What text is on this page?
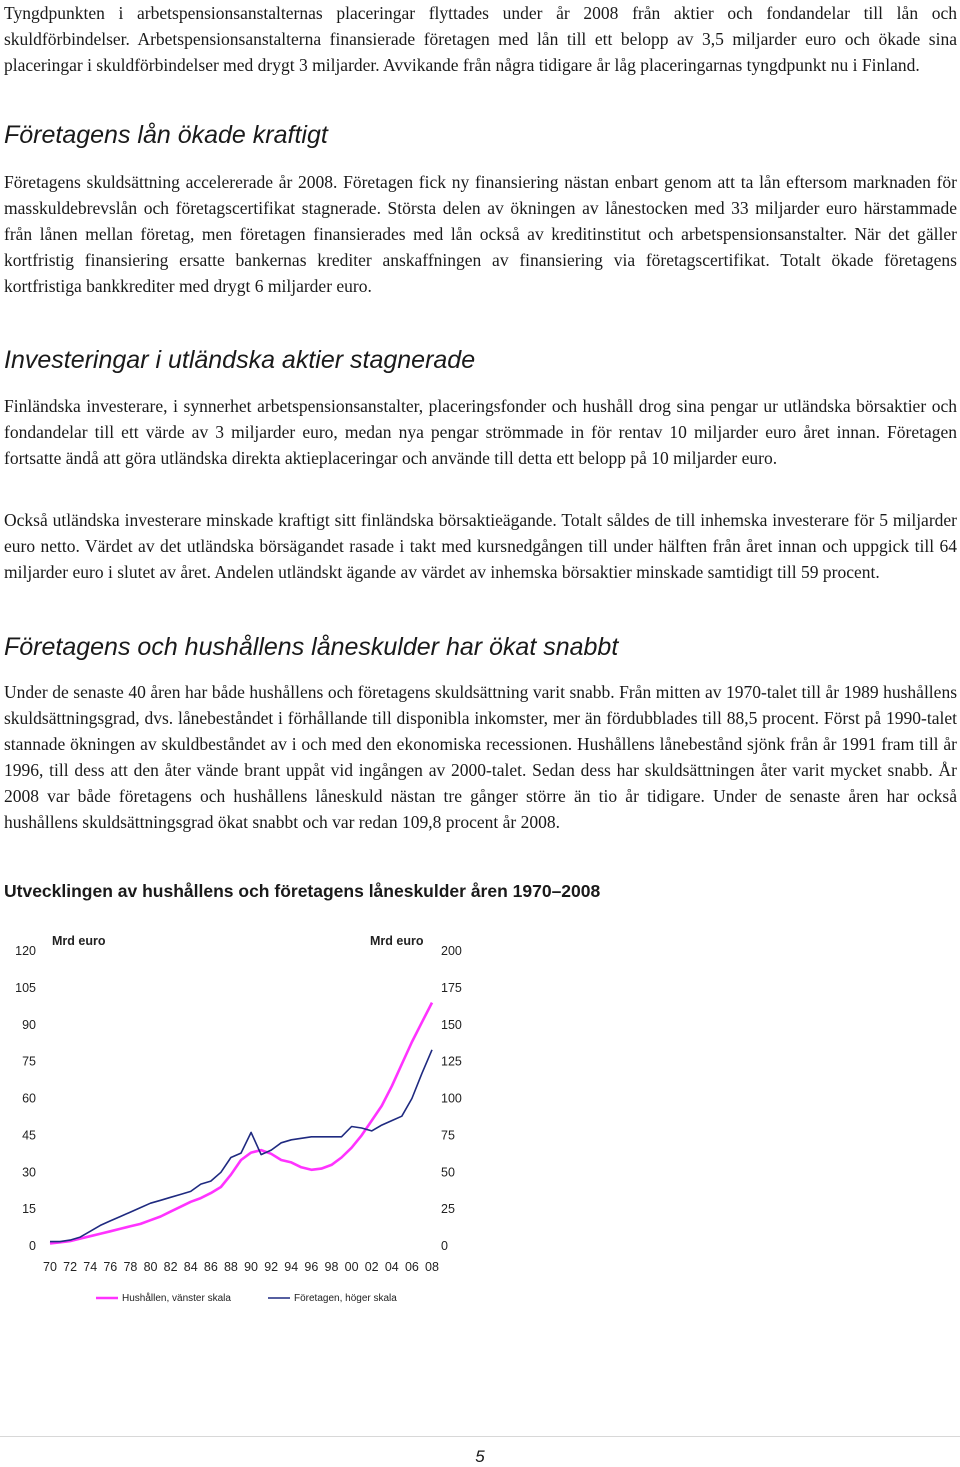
Tyngdpunkten i arbetspensionsanstalternas placeringar flyttades under år 2008 från aktier och fondandelar till lån och skuldförbindelser. Arbetspensionsanstalterna finansierade företagen med lån till ett belopp av 3,5 miljarder euro och ökade sina placeringar i skuldförbindelser med drygt 3 miljarder. Avvikande från några tidigare år låg placeringarnas tyngdpunkt nu i Finland.

Företagens lån ökade kraftigt

Företagens skuldsättning accelererade år 2008. Företagen fick ny finansiering nästan enbart genom att ta lån eftersom marknaden för masskuldebrevslån och företagscertifikat stagnerade. Största delen av ökningen av lånestocken med 33 miljarder euro härstammade från lånen mellan företag, men företagen finansierades med lån också av kreditinstitut och arbetspensionsanstalter. När det gäller kortfristig finansiering ersatte bankernas krediter anskaffningen av finansiering via företagscertifikat. Totalt ökade företagens kortfristiga bankkrediter med drygt 6 miljarder euro.

Investeringar i utländska aktier stagnerade

Finländska investerare, i synnerhet arbetspensionsanstalter, placeringsfonder och hushåll drog sina pengar ur utländska börsaktier och fondandelar till ett värde av 3 miljarder euro, medan nya pengar strömmade in för rentav 10 miljarder euro året innan. Företagen fortsatte ändå att göra utländska direkta aktieplaceringar och använde till detta ett belopp på 10 miljarder euro.

Också utländska investerare minskade kraftigt sitt finländska börsaktieägande. Totalt såldes de till inhemska investerare för 5 miljarder euro netto. Värdet av det utländska börsägandet rasade i takt med kursnedgången till under hälften från året innan och uppgick till 64 miljarder euro i slutet av året. Andelen utländskt ägande av värdet av inhemska börsaktier minskade samtidigt till 59 procent.

Företagens och hushållens låneskulder har ökat snabbt

Under de senaste 40 åren har både hushållens och företagens skuldsättning varit snabb. Från mitten av 1970-talet till år 1989 hushållens skuldsättningsgrad, dvs. lånebeståndet i förhållande till disponibla inkomster, mer än fördubblades till 88,5 procent. Först på 1990-talet stannade ökningen av skuldbeståndet av i och med den ekonomiska recessionen. Hushållens lånebestånd sjönk från år 1991 fram till år 1996, till dess att den åter vände brant uppåt vid ingången av 2000-talet. Sedan dess har skuldsättningen åter varit mycket snabb. År 2008 var både företagens och hushållens låneskuld nästan tre gånger större än tio år tidigare. Under de senaste åren har också hushållens skuldsättningsgrad ökat snabbt och var redan 109,8 procent år 2008.

Utvecklingen av hushållens och företagens låneskulder åren 1970–2008
Mrd euro	Mrd euro
0
15
30
45
60
75
90
105
120
0
25
50
75
100
125
150
175
200
70 72 74 76 78 80 82 84 86 88 90 92 94 96 98 00 02 04 06 08
Hushållen, vänster skala	Företagen, höger skala
5
